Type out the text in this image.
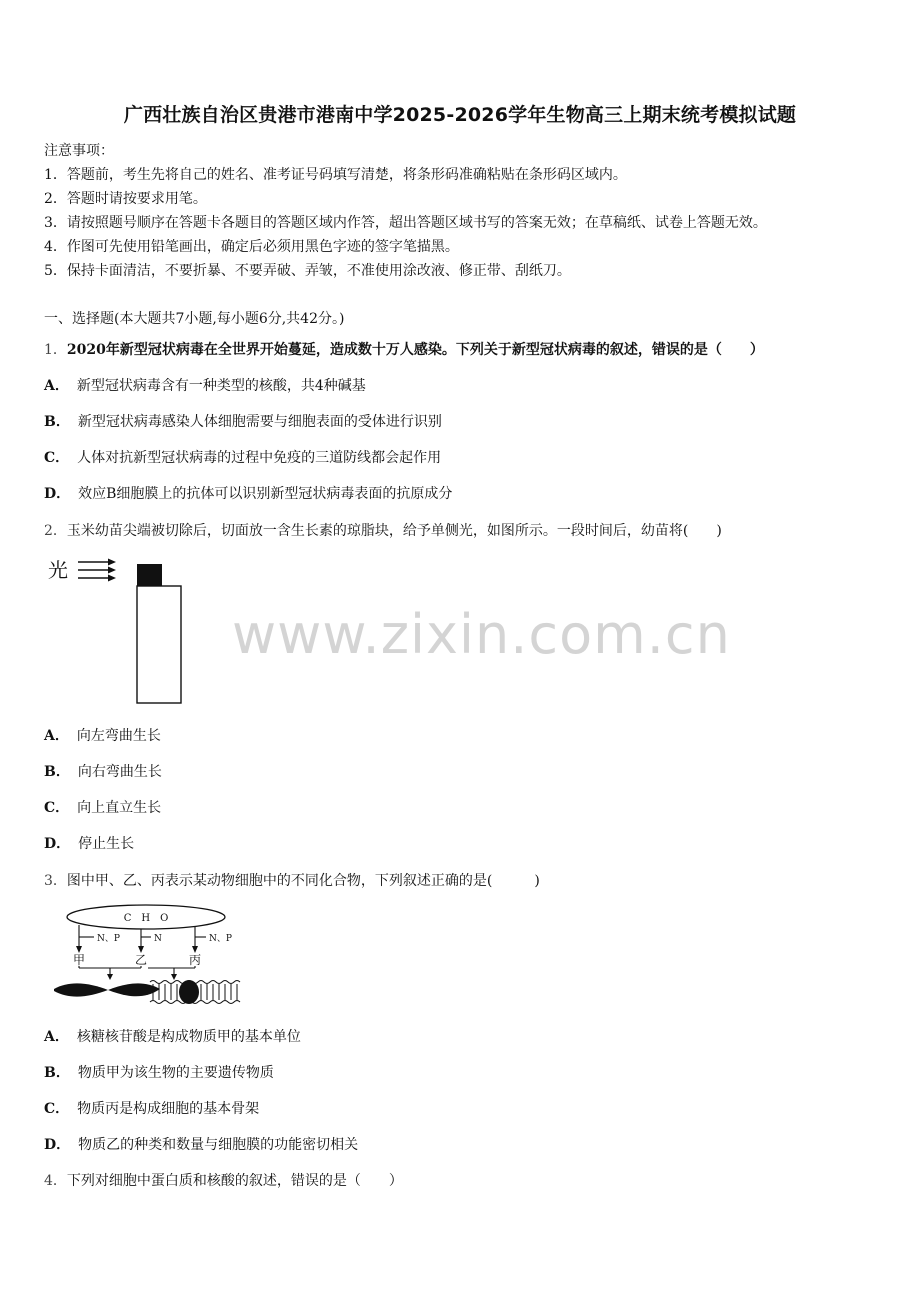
广西壮族自治区贵港市港南中学2025-2026学年生物高三上期末统考模拟试题
注意事项：
1．答题前，考生先将自己的姓名、准考证号码填写清楚，将条形码准确粘贴在条形码区域内。
2．答题时请按要求用笔。
3．请按照题号顺序在答题卡各题目的答题区域内作答，超出答题区域书写的答案无效；在草稿纸、试卷上答题无效。
4．作图可先使用铅笔画出，确定后必须用黑色字迹的签字笔描黑。
5．保持卡面清洁，不要折暴、不要弄破、弄皱，不准使用涂改液、修正带、刮纸刀。
一、选择题(本大题共7小题,每小题6分,共42分。)
1．2020年新型冠状病毒在全世界开始蔓延，造成数十万人感染。下列关于新型冠状病毒的叙述，错误的是（　　）
A． 新型冠状病毒含有一种类型的核酸，共4种碱基
B． 新型冠状病毒感染人体细胞需要与细胞表面的受体进行识别
C． 人体对抗新型冠状病毒的过程中免疫的三道防线都会起作用
D． 效应B细胞膜上的抗体可以识别新型冠状病毒表面的抗原成分
2．玉米幼苗尖端被切除后，切面放一含生长素的琼脂块，给予单侧光，如图所示。一段时间后，幼苗将(　　)
光
www.zixin.com.cn
A． 向左弯曲生长
B． 向右弯曲生长
C． 向上直立生长
D． 停止生长
3．图中甲、乙、丙表示某动物细胞中的不同化合物，下列叙述正确的是(　　　)
C　H　O
N、P	N	N、P
甲	乙	丙
A． 核糖核苷酸是构成物质甲的基本单位
B． 物质甲为该生物的主要遗传物质
C． 物质丙是构成细胞的基本骨架
D． 物质乙的种类和数量与细胞膜的功能密切相关
4．下列对细胞中蛋白质和核酸的叙述，错误的是（　　）
